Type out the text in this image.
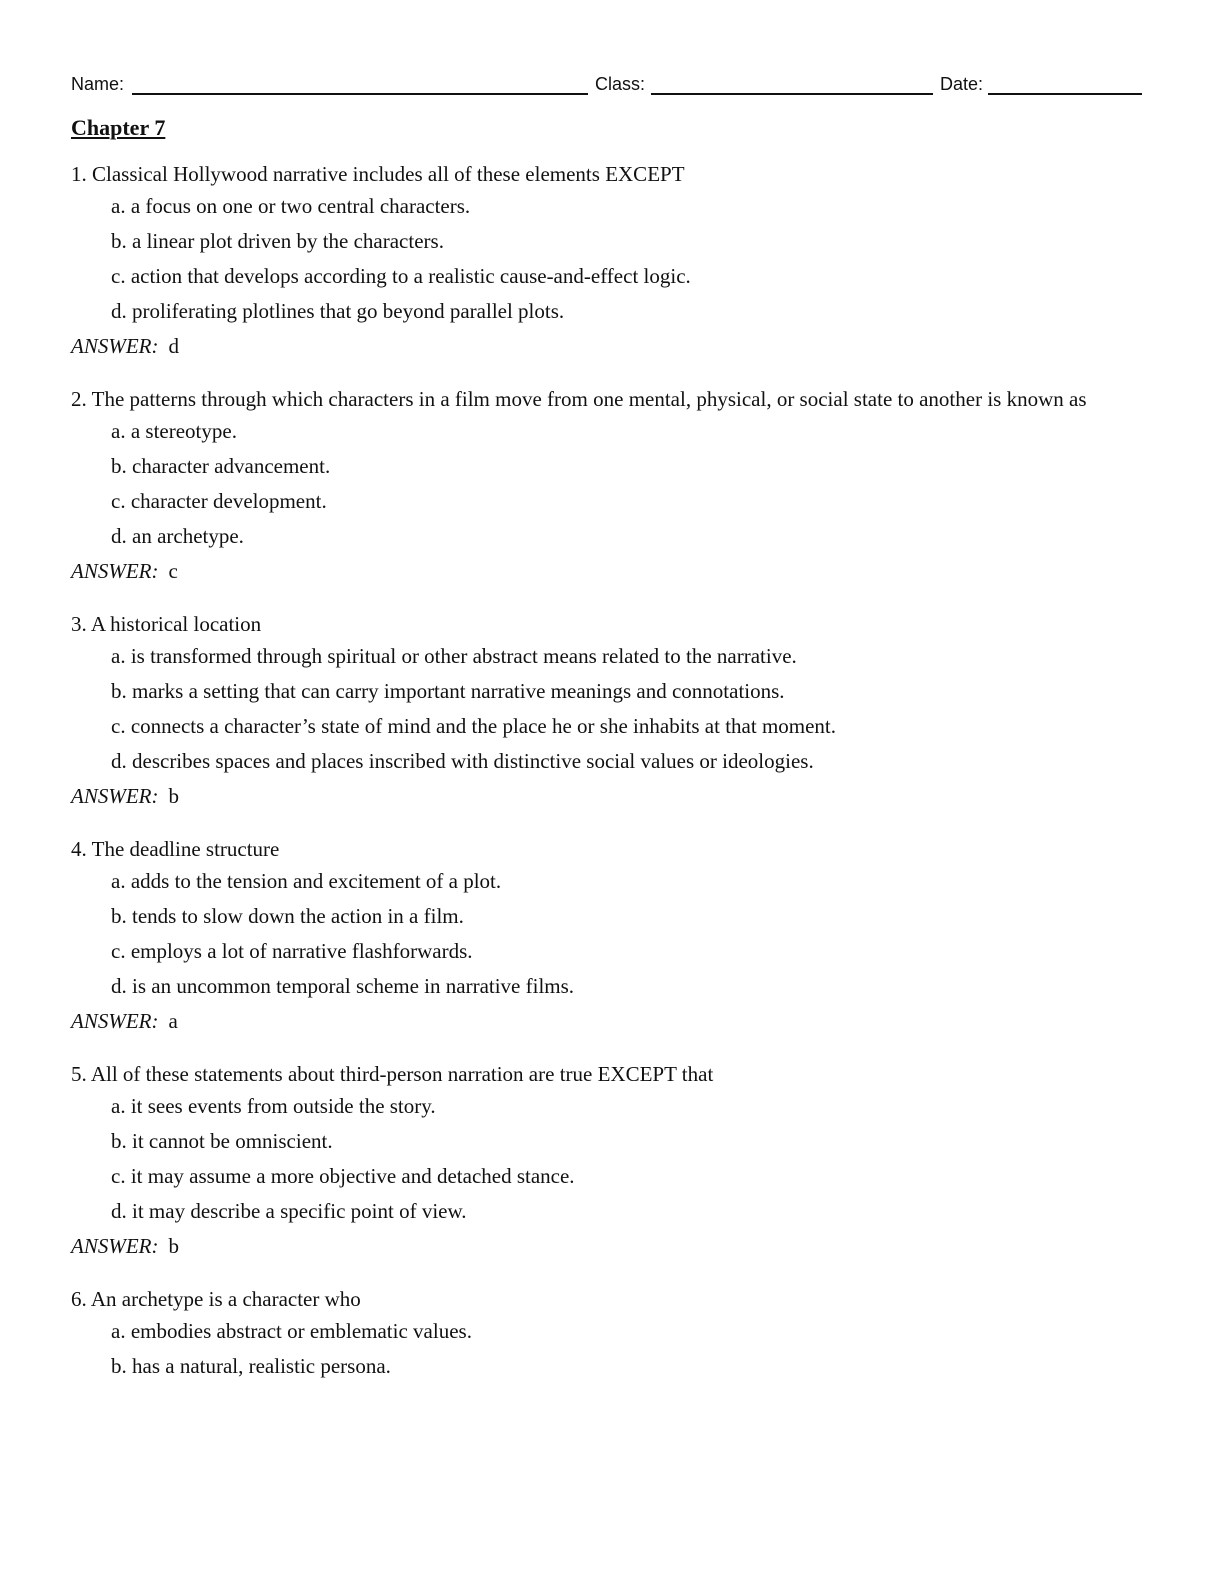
Name:	Class:	Date:
Chapter 7
1. Classical Hollywood narrative includes all of these elements EXCEPT
a. a focus on one or two central characters.
b. a linear plot driven by the characters.
c. action that develops according to a realistic cause-and-effect logic.
d. proliferating plotlines that go beyond parallel plots.
ANSWER: d
2. The patterns through which characters in a film move from one mental, physical, or social state to another is known as
a. a stereotype.
b. character advancement.
c. character development.
d. an archetype.
ANSWER: c
3. A historical location
a. is transformed through spiritual or other abstract means related to the narrative.
b. marks a setting that can carry important narrative meanings and connotations.
c. connects a character’s state of mind and the place he or she inhabits at that moment.
d. describes spaces and places inscribed with distinctive social values or ideologies.
ANSWER: b
4. The deadline structure
a. adds to the tension and excitement of a plot.
b. tends to slow down the action in a film.
c. employs a lot of narrative flashforwards.
d. is an uncommon temporal scheme in narrative films.
ANSWER: a
5. All of these statements about third-person narration are true EXCEPT that
a. it sees events from outside the story.
b. it cannot be omniscient.
c. it may assume a more objective and detached stance.
d. it may describe a specific point of view.
ANSWER: b
6. An archetype is a character who
a. embodies abstract or emblematic values.
b. has a natural, realistic persona.
